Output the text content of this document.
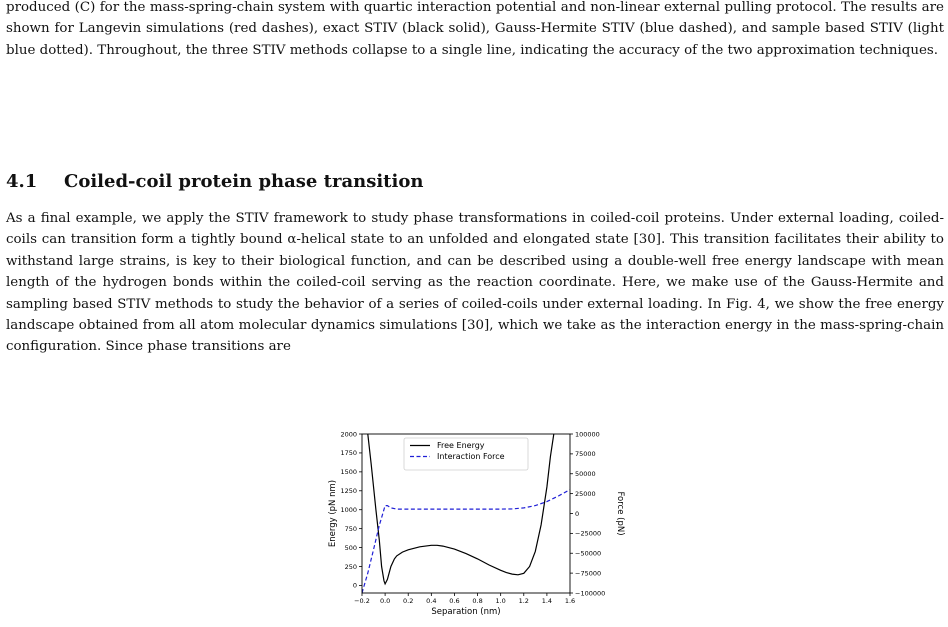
produced (C) for the mass-spring-chain system with quartic interaction potential and non-linear external pulling protocol. The results are shown for Langevin simulations (red dashes), exact STIV (black solid), Gauss-Hermite STIV (blue dashed), and sample based STIV (light blue dotted). Throughout, the three STIV methods collapse to a single line, indicating the accuracy of the two approximation techniques.

4.1 Coiled-coil protein phase transition

As a final example, we apply the STIV framework to study phase transformations in coiled-coil proteins. Under external loading, coiled-coils can transition form a tightly bound α-helical state to an unfolded and elongated state [30]. This transition facilitates their ability to withstand large strains, is key to their biological function, and can be described using a double-well free energy landscape with mean length of the hydrogen bonds within the coiled-coil serving as the reaction coordinate. Here, we make use of the Gauss-Hermite and sampling based STIV methods to study the behavior of a series of coiled-coils under external loading. In Fig. 4, we show the free energy landscape obtained from all atom molecular dynamics simulations [30], which we take as the interaction energy in the mass-spring-chain configuration. Since phase transitions are

−0.2 0.0 0.2 0.4 0.6 0.8 1.0 1.2 1.4 1.6
0
250
500
750
1000
1250
1500
1750
2000
−100000
−75000
−50000
−25000
0
25000
50000
75000
100000
Separation (nm)
Energy (pN nm)	Force (pN)
Free Energy
Interaction Force
